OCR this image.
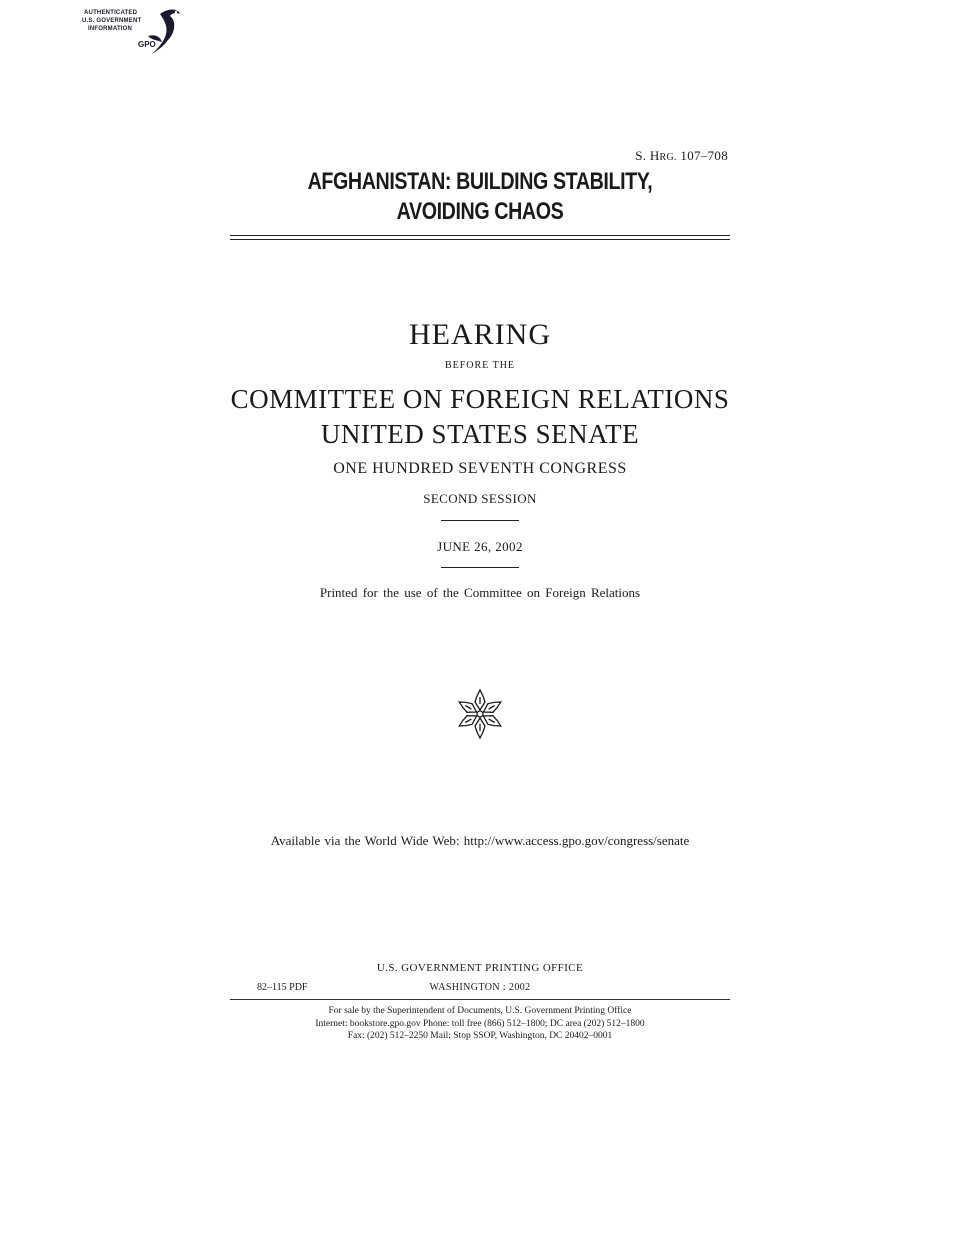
AUTHENTICATED
U.S. GOVERNMENT
INFORMATION
GPO
S. HRG. 107–708
AFGHANISTAN: BUILDING STABILITY,
AVOIDING CHAOS
HEARING
BEFORE THE
COMMITTEE ON FOREIGN RELATIONS
UNITED STATES SENATE
ONE HUNDRED SEVENTH CONGRESS
SECOND SESSION
JUNE 26, 2002
Printed for the use of the Committee on Foreign Relations
Available via the World Wide Web: http://www.access.gpo.gov/congress/senate
U.S. GOVERNMENT PRINTING OFFICE
82–115 PDF	WASHINGTON : 2002
For sale by the Superintendent of Documents, U.S. Government Printing Office
Internet: bookstore.gpo.gov Phone: toll free (866) 512–1800; DC area (202) 512–1800
Fax: (202) 512–2250 Mail: Stop SSOP, Washington, DC 20402–0001
